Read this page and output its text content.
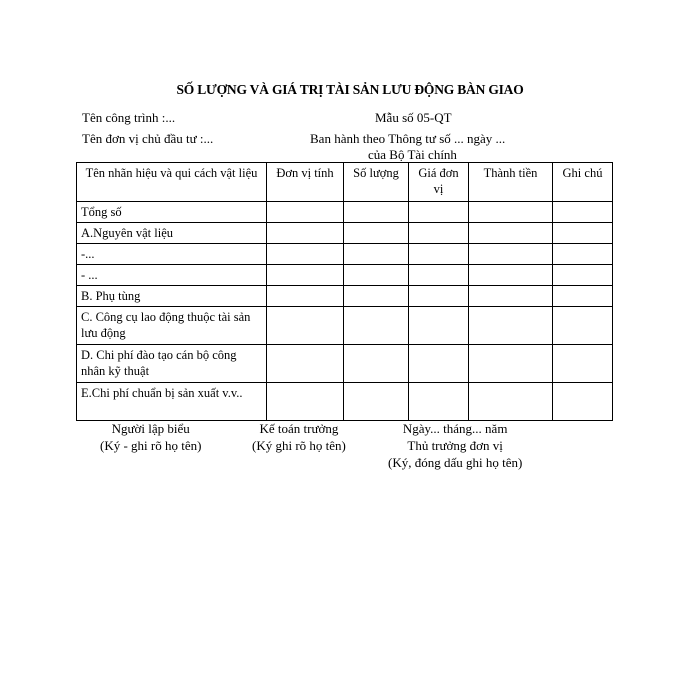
SỐ LƯỢNG VÀ GIÁ TRỊ TÀI SẢN LƯU ĐỘNG BÀN GIAO
Tên công trình :...	Mẫu số 05-QT
Tên đơn vị chủ đầu tư :...	Ban hành theo Thông tư số ... ngày ...
của Bộ Tài chính
Tên nhãn hiệu và qui cách vật liệu	Đơn vị tính	Số lượng	Giá đơn vị	Thành tiền	Ghi chú
Tổng số					
A.Nguyên vật liệu					
-...					
- ...					
B. Phụ tùng					
C. Công cụ lao động thuộc tài sản lưu động					
D. Chi phí đào tạo cán bộ công nhân kỹ thuật					
E.Chi phí chuẩn bị sản xuất v.v..					
Người lập biểu
(Ký - ghi rõ họ tên)
Kế toán trưởng
(Ký ghi rõ họ tên)
Ngày... tháng... năm
Thủ trưởng đơn vị
(Ký, đóng dấu ghi họ tên)
